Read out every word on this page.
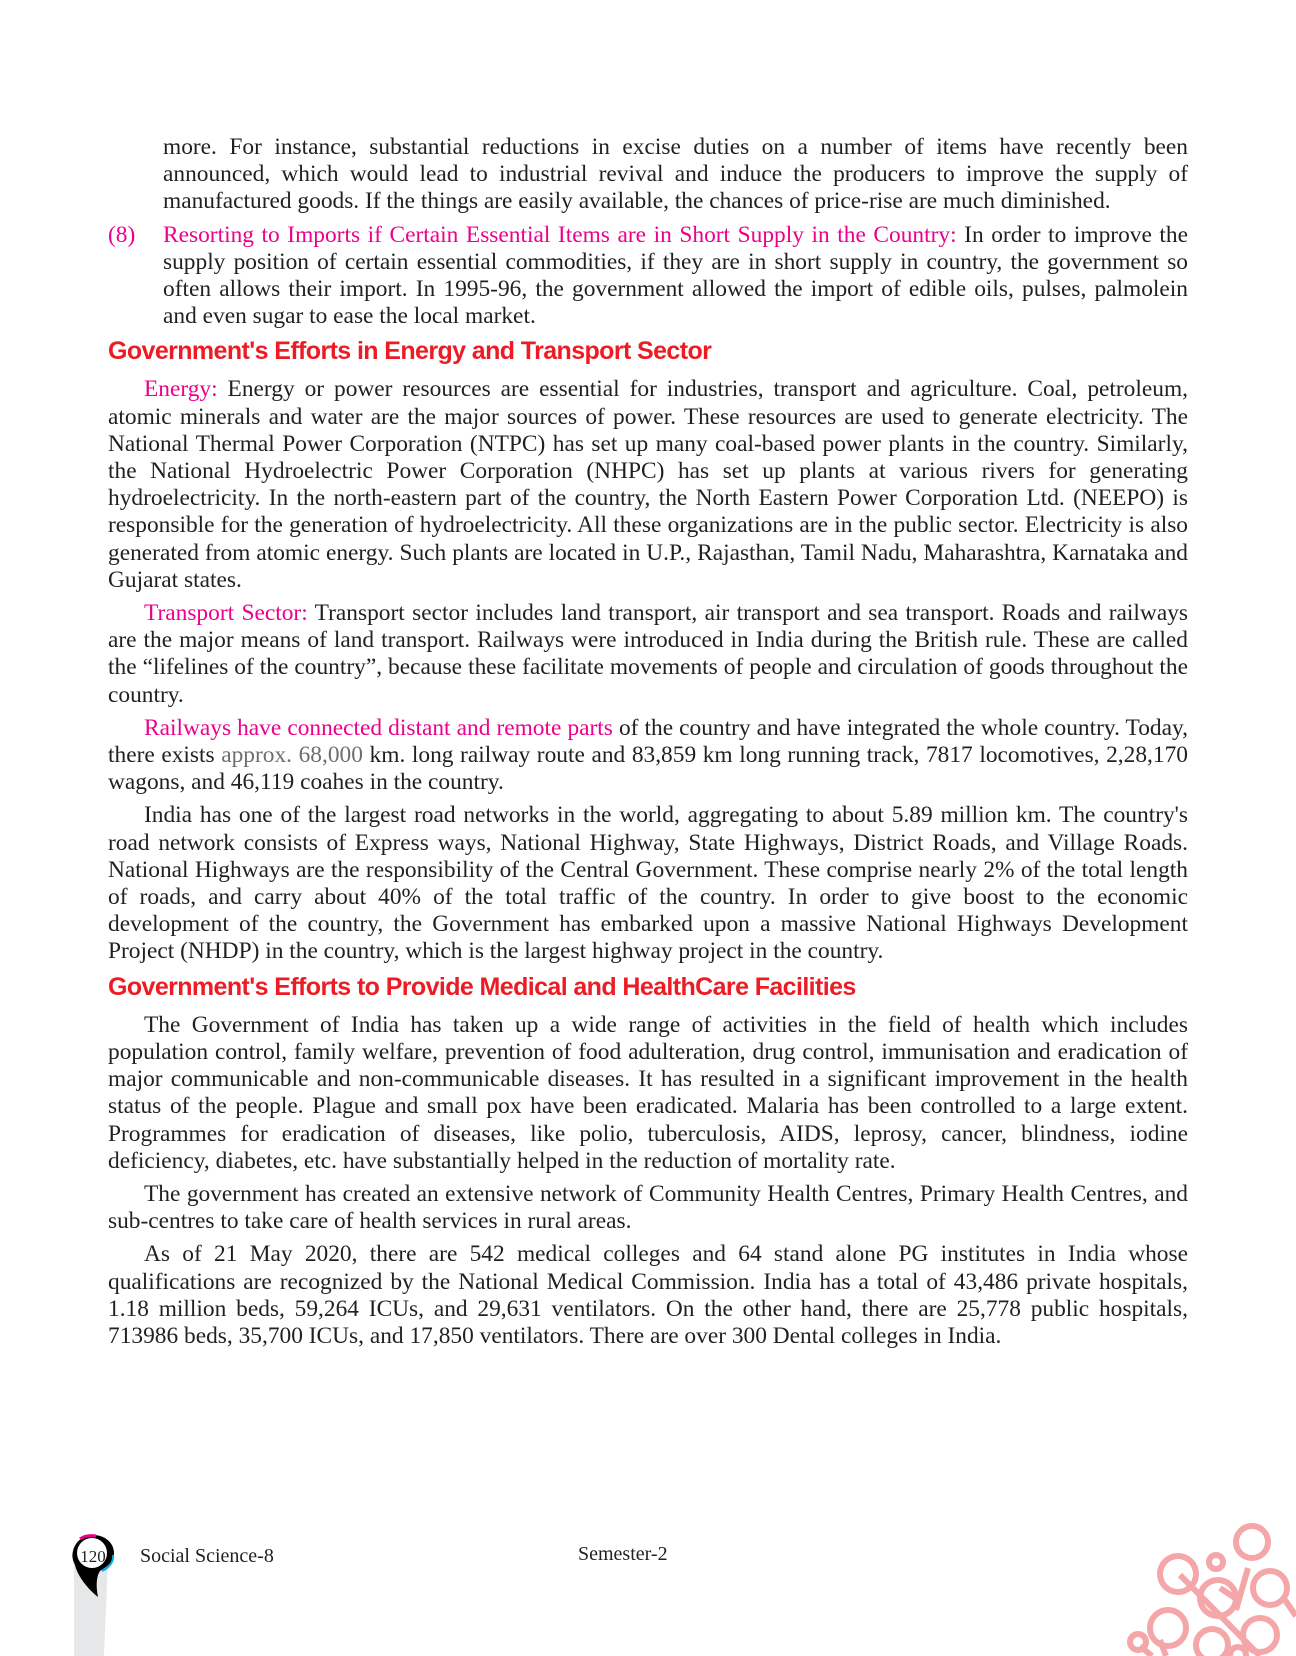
more. For instance, substantial reductions in excise duties on a number of items have recently been announced, which would lead to industrial revival and induce the producers to improve the supply of manufactured goods. If the things are easily available, the chances of price-rise are much diminished.

(8)	Resorting to Imports if Certain Essential Items are in Short Supply in the Country: In order to improve the supply position of certain essential commodities, if they are in short supply in country, the government so often allows their import. In 1995-96, the government allowed the import of edible oils, pulses, palmolein and even sugar to ease the local market.

Government's Efforts in Energy and Transport Sector

Energy: Energy or power resources are essential for industries, transport and agriculture. Coal, petroleum, atomic minerals and water are the major sources of power. These resources are used to generate electricity. The National Thermal Power Corporation (NTPC) has set up many coal-based power plants in the country. Similarly, the National Hydroelectric Power Corporation (NHPC) has set up plants at various rivers for generating hydroelectricity. In the north-eastern part of the country, the North Eastern Power Corporation Ltd. (NEEPO) is responsible for the generation of hydroelectricity. All these organizations are in the public sector. Electricity is also generated from atomic energy. Such plants are located in U.P., Rajasthan, Tamil Nadu, Maharashtra, Karnataka and Gujarat states.

Transport Sector: Transport sector includes land transport, air transport and sea transport. Roads and railways are the major means of land transport. Railways were introduced in India during the British rule. These are called the “lifelines of the country”, because these facilitate movements of people and circulation of goods throughout the country.

Railways have connected distant and remote parts of the country and have integrated the whole country. Today, there exists approx. 68,000 km. long railway route and 83,859 km long running track, 7817 locomotives, 2,28,170 wagons, and 46,119 coahes in the country.

India has one of the largest road networks in the world, aggregating to about 5.89 million km. The country's road network consists of Express ways, National Highway, State Highways, District Roads, and Village Roads. National Highways are the responsibility of the Central Government. These comprise nearly 2% of the total length of roads, and carry about 40% of the total traffic of the country. In order to give boost to the economic development of the country, the Government has embarked upon a massive National Highways Development Project (NHDP) in the country, which is the largest highway project in the country.

Government's Efforts to Provide Medical and HealthCare Facilities

The Government of India has taken up a wide range of activities in the field of health which includes population control, family welfare, prevention of food adulteration, drug control, immunisation and eradication of major communicable and non-communicable diseases. It has resulted in a significant improvement in the health status of the people. Plague and small pox have been eradicated. Malaria has been controlled to a large extent. Programmes for eradication of diseases, like polio, tuberculosis, AIDS, leprosy, cancer, blindness, iodine deficiency, diabetes, etc. have substantially helped in the reduction of mortality rate.

The government has created an extensive network of Community Health Centres, Primary Health Centres, and sub-centres to take care of health services in rural areas.

As of 21 May 2020, there are 542 medical colleges and 64 stand alone PG institutes in India whose qualifications are recognized by the National Medical Commission. India has a total of 43,486 private hospitals, 1.18 million beds, 59,264 ICUs, and 29,631 ventilators. On the other hand, there are 25,778 public hospitals, 713986 beds, 35,700 ICUs, and 17,850 ventilators. There are over 300 Dental colleges in India.

120	Social Science-8	Semester-2
